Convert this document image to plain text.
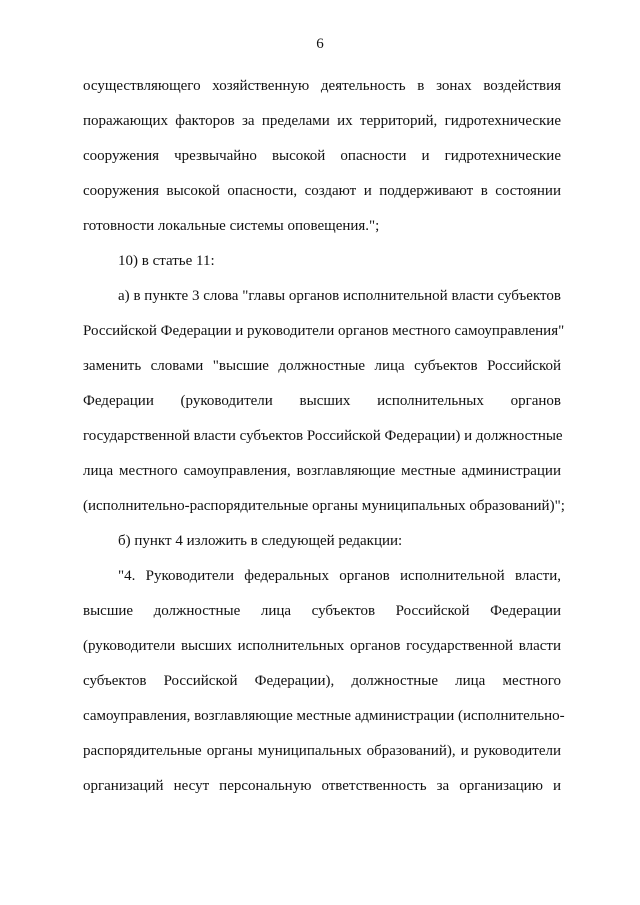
6
осуществляющего хозяйственную деятельность в зонах воздействия
поражающих факторов за пределами их территорий, гидротехнические
сооружения чрезвычайно высокой опасности и гидротехнические
сооружения высокой опасности, создают и поддерживают в состоянии
готовности локальные системы оповещения.";
10) в статье 11:
а) в пункте 3 слова "главы органов исполнительной власти субъектов
Российской Федерации и руководители органов местного самоуправления"
заменить словами "высшие должностные лица субъектов Российской
Федерации (руководители высших исполнительных органов
государственной власти субъектов Российской Федерации) и должностные
лица местного самоуправления, возглавляющие местные администрации
(исполнительно-распорядительные органы муниципальных образований)";
б) пункт 4 изложить в следующей редакции:
"4. Руководители федеральных органов исполнительной власти,
высшие должностные лица субъектов Российской Федерации
(руководители высших исполнительных органов государственной власти
субъектов Российской Федерации), должностные лица местного
самоуправления, возглавляющие местные администрации (исполнительно-
распорядительные органы муниципальных образований), и руководители
организаций несут персональную ответственность за организацию и
